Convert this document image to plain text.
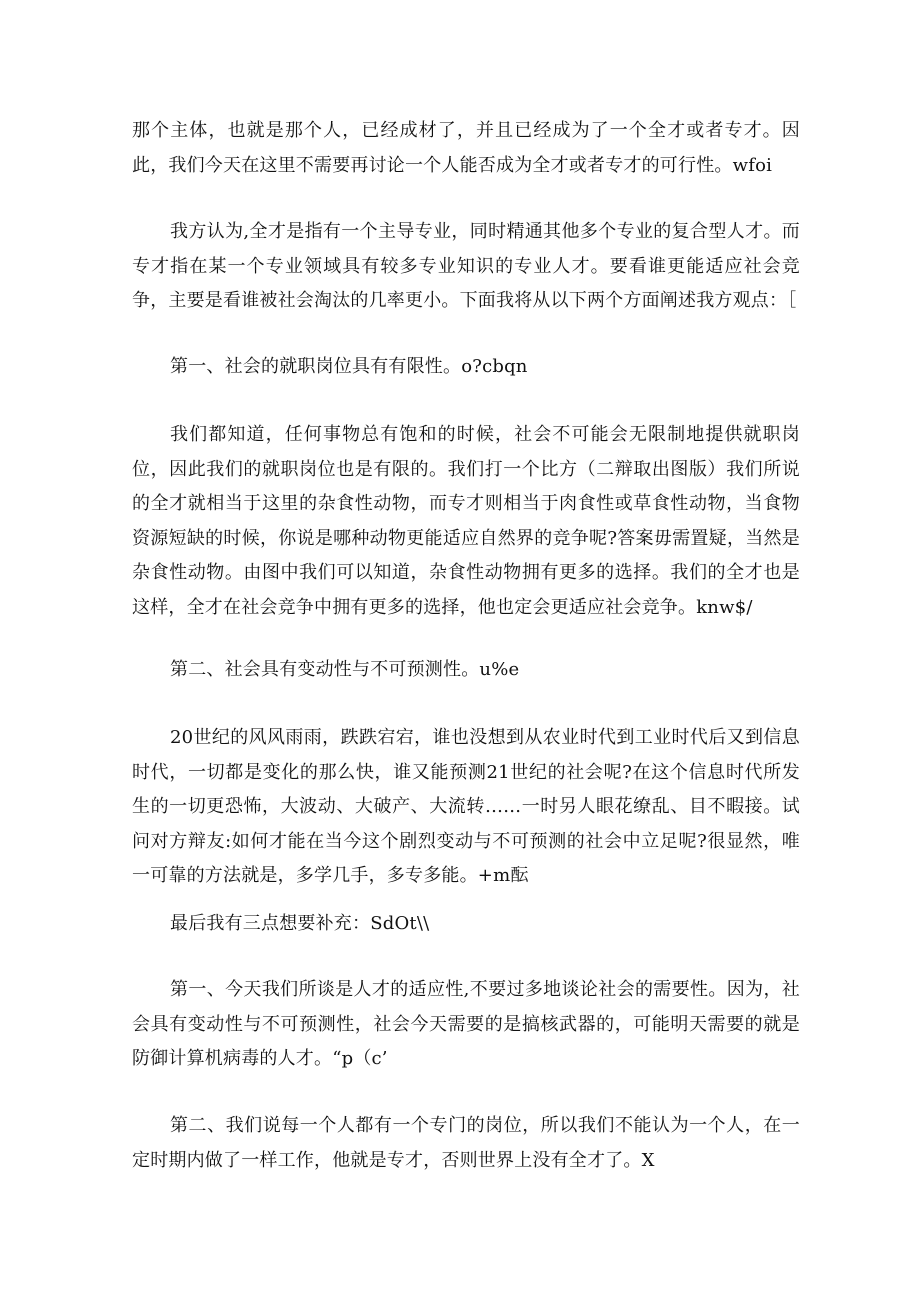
那个主体，也就是那个人，已经成材了，并且已经成为了一个全才或者专才。因此，我们今天在这里不需要再讨论一个人能否成为全才或者专才的可行性。wfoi

我方认为,全才是指有一个主导专业，同时精通其他多个专业的复合型人才。而专才指在某一个专业领域具有较多专业知识的专业人才。要看谁更能适应社会竞争，主要是看谁被社会淘汰的几率更小。下面我将从以下两个方面阐述我方观点：［

第一、社会的就职岗位具有有限性。o?cbqn

我们都知道，任何事物总有饱和的时候，社会不可能会无限制地提供就职岗位，因此我们的就职岗位也是有限的。我们打一个比方（二辩取出图版）我们所说的全才就相当于这里的杂食性动物，而专才则相当于肉食性或草食性动物，当食物资源短缺的时候，你说是哪种动物更能适应自然界的竞争呢?答案毋需置疑，当然是杂食性动物。由图中我们可以知道，杂食性动物拥有更多的选择。我们的全才也是这样，全才在社会竞争中拥有更多的选择，他也定会更适应社会竞争。knw$/

第二、社会具有变动性与不可预测性。u%e

20世纪的风风雨雨，跌跌宕宕，谁也没想到从农业时代到工业时代后又到信息时代，一切都是变化的那么快，谁又能预测21世纪的社会呢?在这个信息时代所发生的一切更恐怖，大波动、大破产、大流转……一时另人眼花缭乱、目不暇接。试问对方辩友:如何才能在当今这个剧烈变动与不可预测的社会中立足呢?很显然，唯一可靠的方法就是，多学几手，多专多能。+m酝

最后我有三点想要补充：SdOt\\

第一、今天我们所谈是人才的适应性,不要过多地谈论社会的需要性。因为，社会具有变动性与不可预测性，社会今天需要的是搞核武器的，可能明天需要的就是防御计算机病毒的人才。“p（c’

第二、我们说每一个人都有一个专门的岗位，所以我们不能认为一个人，在一定时期内做了一样工作，他就是专才，否则世界上没有全才了。X
